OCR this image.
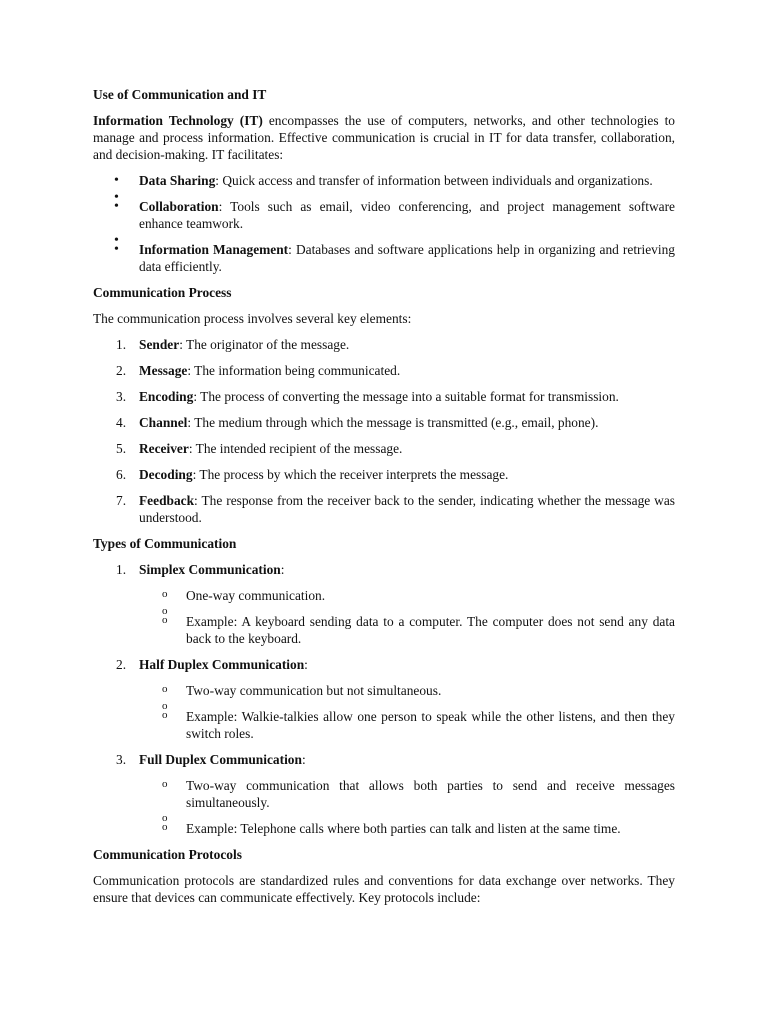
Use of Communication and IT

Information Technology (IT) encompasses the use of computers, networks, and other technologies to manage and process information. Effective communication is crucial in IT for data transfer, collaboration, and decision-making. IT facilitates:

• Data Sharing: Quick access and transfer of information between individuals and organizations.
•
• Collaboration: Tools such as email, video conferencing, and project management software enhance teamwork.
•
• Information Management: Databases and software applications help in organizing and retrieving data efficiently.

Communication Process

The communication process involves several key elements:

1. Sender: The originator of the message.
2. Message: The information being communicated.
3. Encoding: The process of converting the message into a suitable format for transmission.
4. Channel: The medium through which the message is transmitted (e.g., email, phone).
5. Receiver: The intended recipient of the message.
6. Decoding: The process by which the receiver interprets the message.
7. Feedback: The response from the receiver back to the sender, indicating whether the message was understood.

Types of Communication

1. Simplex Communication:
o One-way communication.
o
o Example: A keyboard sending data to a computer. The computer does not send any data back to the keyboard.
2. Half Duplex Communication:
o Two-way communication but not simultaneous.
o
o Example: Walkie-talkies allow one person to speak while the other listens, and then they switch roles.
3. Full Duplex Communication:
o Two-way communication that allows both parties to send and receive messages simultaneously.
o
o Example: Telephone calls where both parties can talk and listen at the same time.

Communication Protocols

Communication protocols are standardized rules and conventions for data exchange over networks. They ensure that devices can communicate effectively. Key protocols include:
